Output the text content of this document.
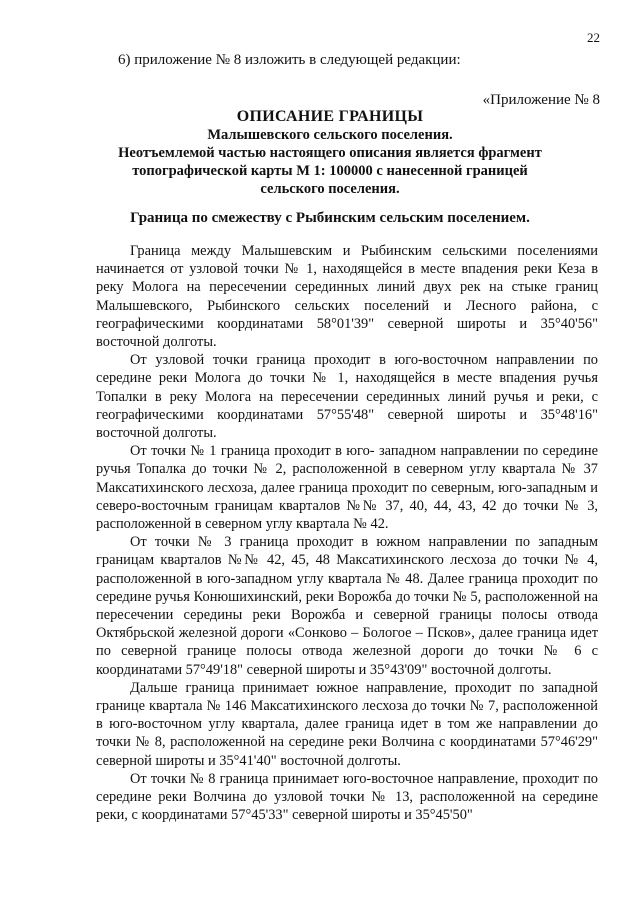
22
6) приложение № 8 изложить в следующей редакции:
«Приложение № 8
ОПИСАНИЕ ГРАНИЦЫ
Малышевского сельского поселения.
Неотъемлемой частью настоящего описания является фрагмент
топографической карты М 1: 100000 с нанесенной границей
сельского поселения.
Граница по смежеству с Рыбинским сельским поселением.

Граница между Малышевским и Рыбинским сельскими поселениями начинается от узловой точки № 1, находящейся в месте впадения реки Кеза в реку Молога на пересечении серединных линий двух рек на стыке границ Малышевского, Рыбинского сельских поселений и Лесного района, с географическими координатами 58°01'39" северной широты и 35°40'56" восточной долготы.

От узловой точки граница проходит в юго-восточном направлении по середине реки Молога до точки № 1, находящейся в месте впадения ручья Топалки в реку Молога на пересечении серединных линий ручья и реки, с географическими координатами 57°55'48" северной широты и 35°48'16" восточной долготы.

От точки № 1 граница проходит в юго- западном направлении по середине ручья Топалка до точки № 2, расположенной в северном углу квартала № 37 Максатихинского лесхоза, далее граница проходит по северным, юго-западным и северо-восточным границам кварталов №№ 37, 40, 44, 43, 42 до точки № 3, расположенной в северном углу квартала № 42.

От точки № 3 граница проходит в южном направлении по западным границам кварталов №№ 42, 45, 48 Максатихинского лесхоза до точки № 4, расположенной в юго-западном углу квартала № 48. Далее граница проходит по середине ручья Конюшихинский, реки Ворожба до точки № 5, расположенной на пересечении середины реки Ворожба и северной границы полосы отвода Октябрьской железной дороги «Сонково – Бологое – Псков», далее граница идет по северной границе полосы отвода железной дороги до точки № 6 с координатами 57°49'18" северной широты и 35°43'09" восточной долготы.

Дальше граница принимает южное направление, проходит по западной границе квартала № 146 Максатихинского лесхоза до точки № 7, расположенной в юго-восточном углу квартала, далее граница идет в том же направлении до точки № 8, расположенной на середине реки Волчина с координатами 57°46'29" северной широты и 35°41'40" восточной долготы.

От точки № 8 граница принимает юго-восточное направление, проходит по середине реки Волчина до узловой точки № 13, расположенной на середине реки, с координатами 57°45'33" северной широты и 35°45'50"
